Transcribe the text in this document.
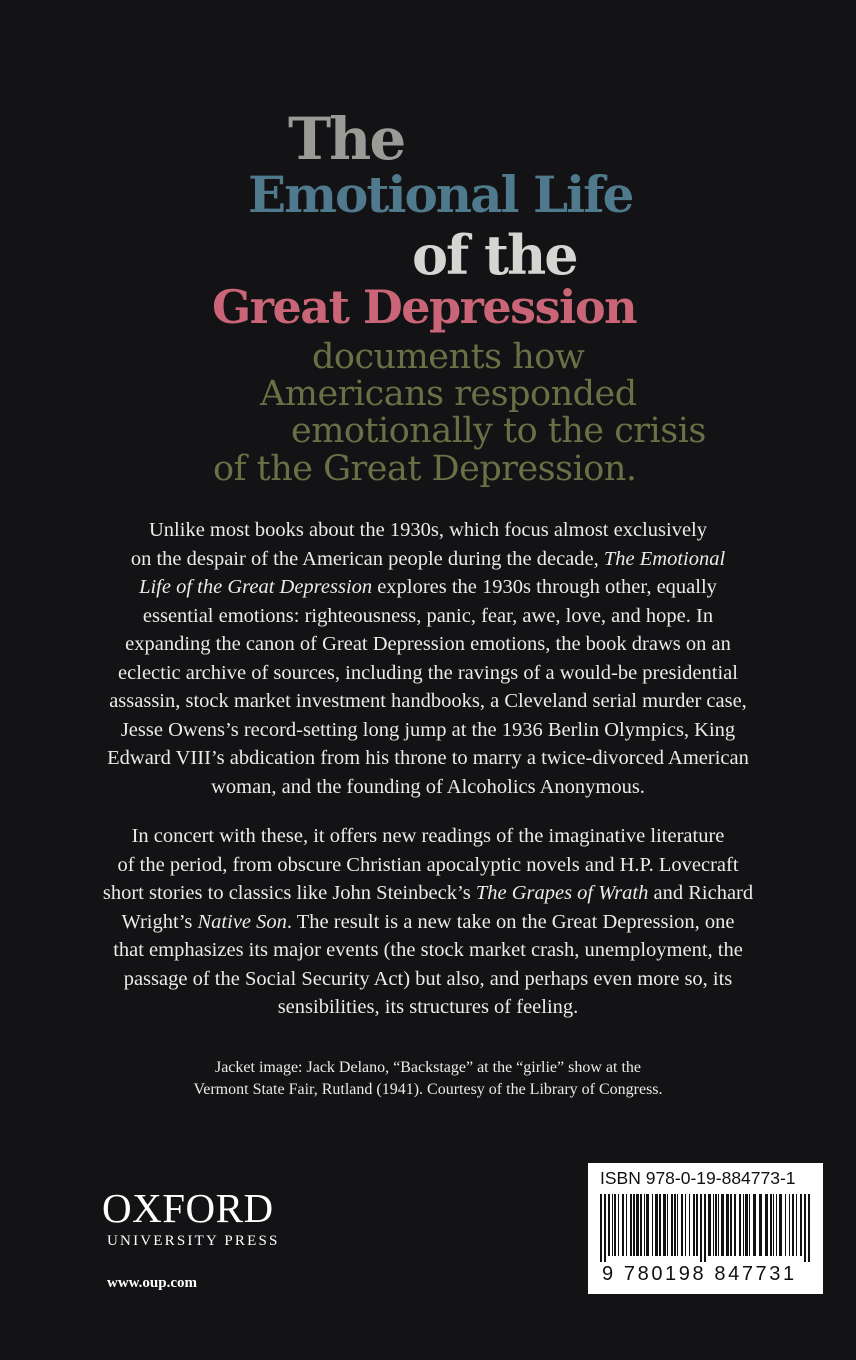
The
Emotional Life
of the
Great Depression
documents how
Americans responded
emotionally to the crisis
of the Great Depression.
Unlike most books about the 1930s, which focus almost exclusively
on the despair of the American people during the decade, The Emotional
Life of the Great Depression explores the 1930s through other, equally
essential emotions: righteousness, panic, fear, awe, love, and hope. In
expanding the canon of Great Depression emotions, the book draws on an
eclectic archive of sources, including the ravings of a would-be presidential
assassin, stock market investment handbooks, a Cleveland serial murder case,
Jesse Owens’s record-setting long jump at the 1936 Berlin Olympics, King
Edward VIII’s abdication from his throne to marry a twice-divorced American
woman, and the founding of Alcoholics Anonymous.
In concert with these, it offers new readings of the imaginative literature
of the period, from obscure Christian apocalyptic novels and H.P. Lovecraft
short stories to classics like John Steinbeck’s The Grapes of Wrath and Richard
Wright’s Native Son. The result is a new take on the Great Depression, one
that emphasizes its major events (the stock market crash, unemployment, the
passage of the Social Security Act) but also, and perhaps even more so, its
sensibilities, its structures of feeling.
Jacket image: Jack Delano, “Backstage” at the “girlie” show at the
Vermont State Fair, Rutland (1941). Courtesy of the Library of Congress.
OXFORD
UNIVERSITY PRESS
www.oup.com
ISBN 978-0-19-884773-1
9 780198 847731
